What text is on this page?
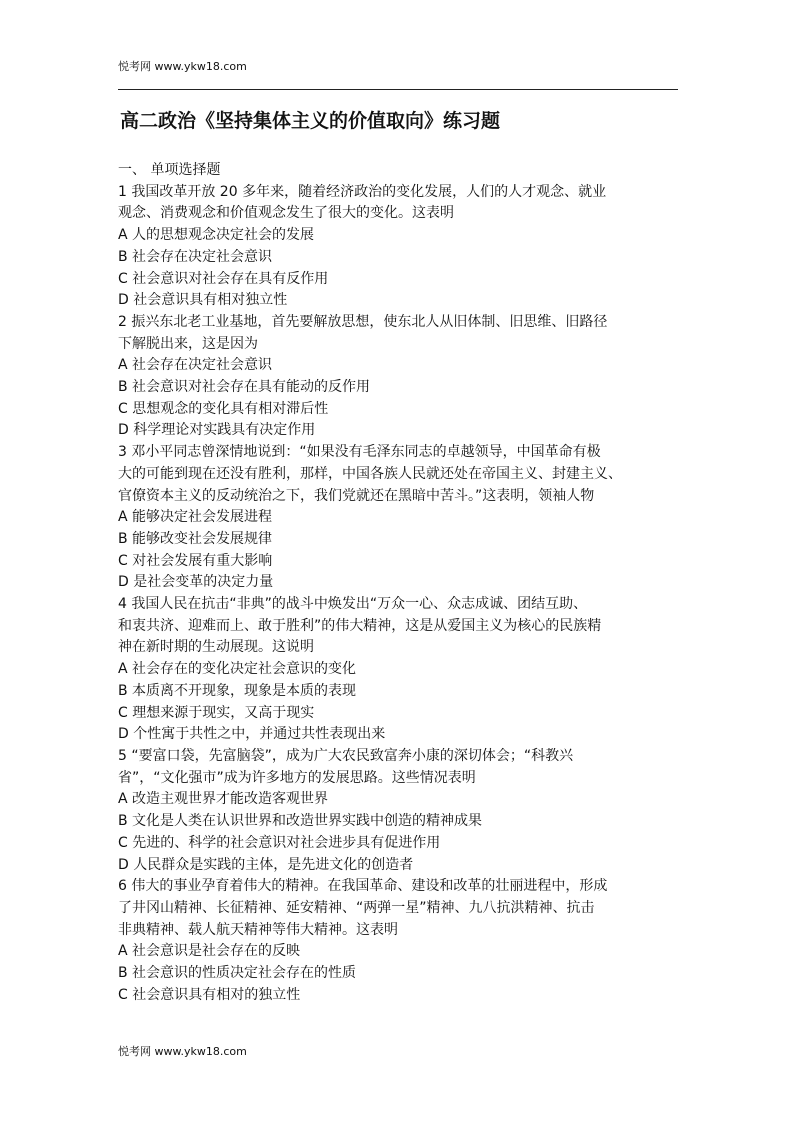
悦考网 www.ykw18.com
高二政治《坚持集体主义的价值取向》练习题
一、 单项选择题
1 我国改革开放 20 多年来，随着经济政治的变化发展，人们的人才观念、就业
观念、消费观念和价值观念发生了很大的变化。这表明
A 人的思想观念决定社会的发展
B 社会存在决定社会意识
C 社会意识对社会存在具有反作用
D 社会意识具有相对独立性
2 振兴东北老工业基地，首先要解放思想，使东北人从旧体制、旧思维、旧路径
下解脱出来，这是因为
A 社会存在决定社会意识
B 社会意识对社会存在具有能动的反作用
C 思想观念的变化具有相对滞后性
D 科学理论对实践具有决定作用
3 邓小平同志曾深情地说到：“如果没有毛泽东同志的卓越领导，中国革命有极
大的可能到现在还没有胜利，那样，中国各族人民就还处在帝国主义、封建主义、
官僚资本主义的反动统治之下，我们党就还在黑暗中苦斗。”这表明，领袖人物
A 能够决定社会发展进程
B 能够改变社会发展规律
C 对社会发展有重大影响
D 是社会变革的决定力量
4 我国人民在抗击“非典”的战斗中焕发出“万众一心、众志成诚、团结互助、
和衷共济、迎难而上、敢于胜利”的伟大精神，这是从爱国主义为核心的民族精
神在新时期的生动展现。这说明
A 社会存在的变化决定社会意识的变化
B 本质离不开现象，现象是本质的表现
C 理想来源于现实，又高于现实
D 个性寓于共性之中，并通过共性表现出来
5 “要富口袋，先富脑袋”，成为广大农民致富奔小康的深切体会；“科教兴
省”，“文化强市”成为许多地方的发展思路。这些情况表明
A 改造主观世界才能改造客观世界
B 文化是人类在认识世界和改造世界实践中创造的精神成果
C 先进的、科学的社会意识对社会进步具有促进作用
D 人民群众是实践的主体，是先进文化的创造者
6 伟大的事业孕育着伟大的精神。在我国革命、建设和改革的壮丽进程中，形成
了井冈山精神、长征精神、延安精神、“两弹一星”精神、九八抗洪精神、抗击
非典精神、载人航天精神等伟大精神。这表明
A 社会意识是社会存在的反映
B 社会意识的性质决定社会存在的性质
C 社会意识具有相对的独立性
悦考网 www.ykw18.com
